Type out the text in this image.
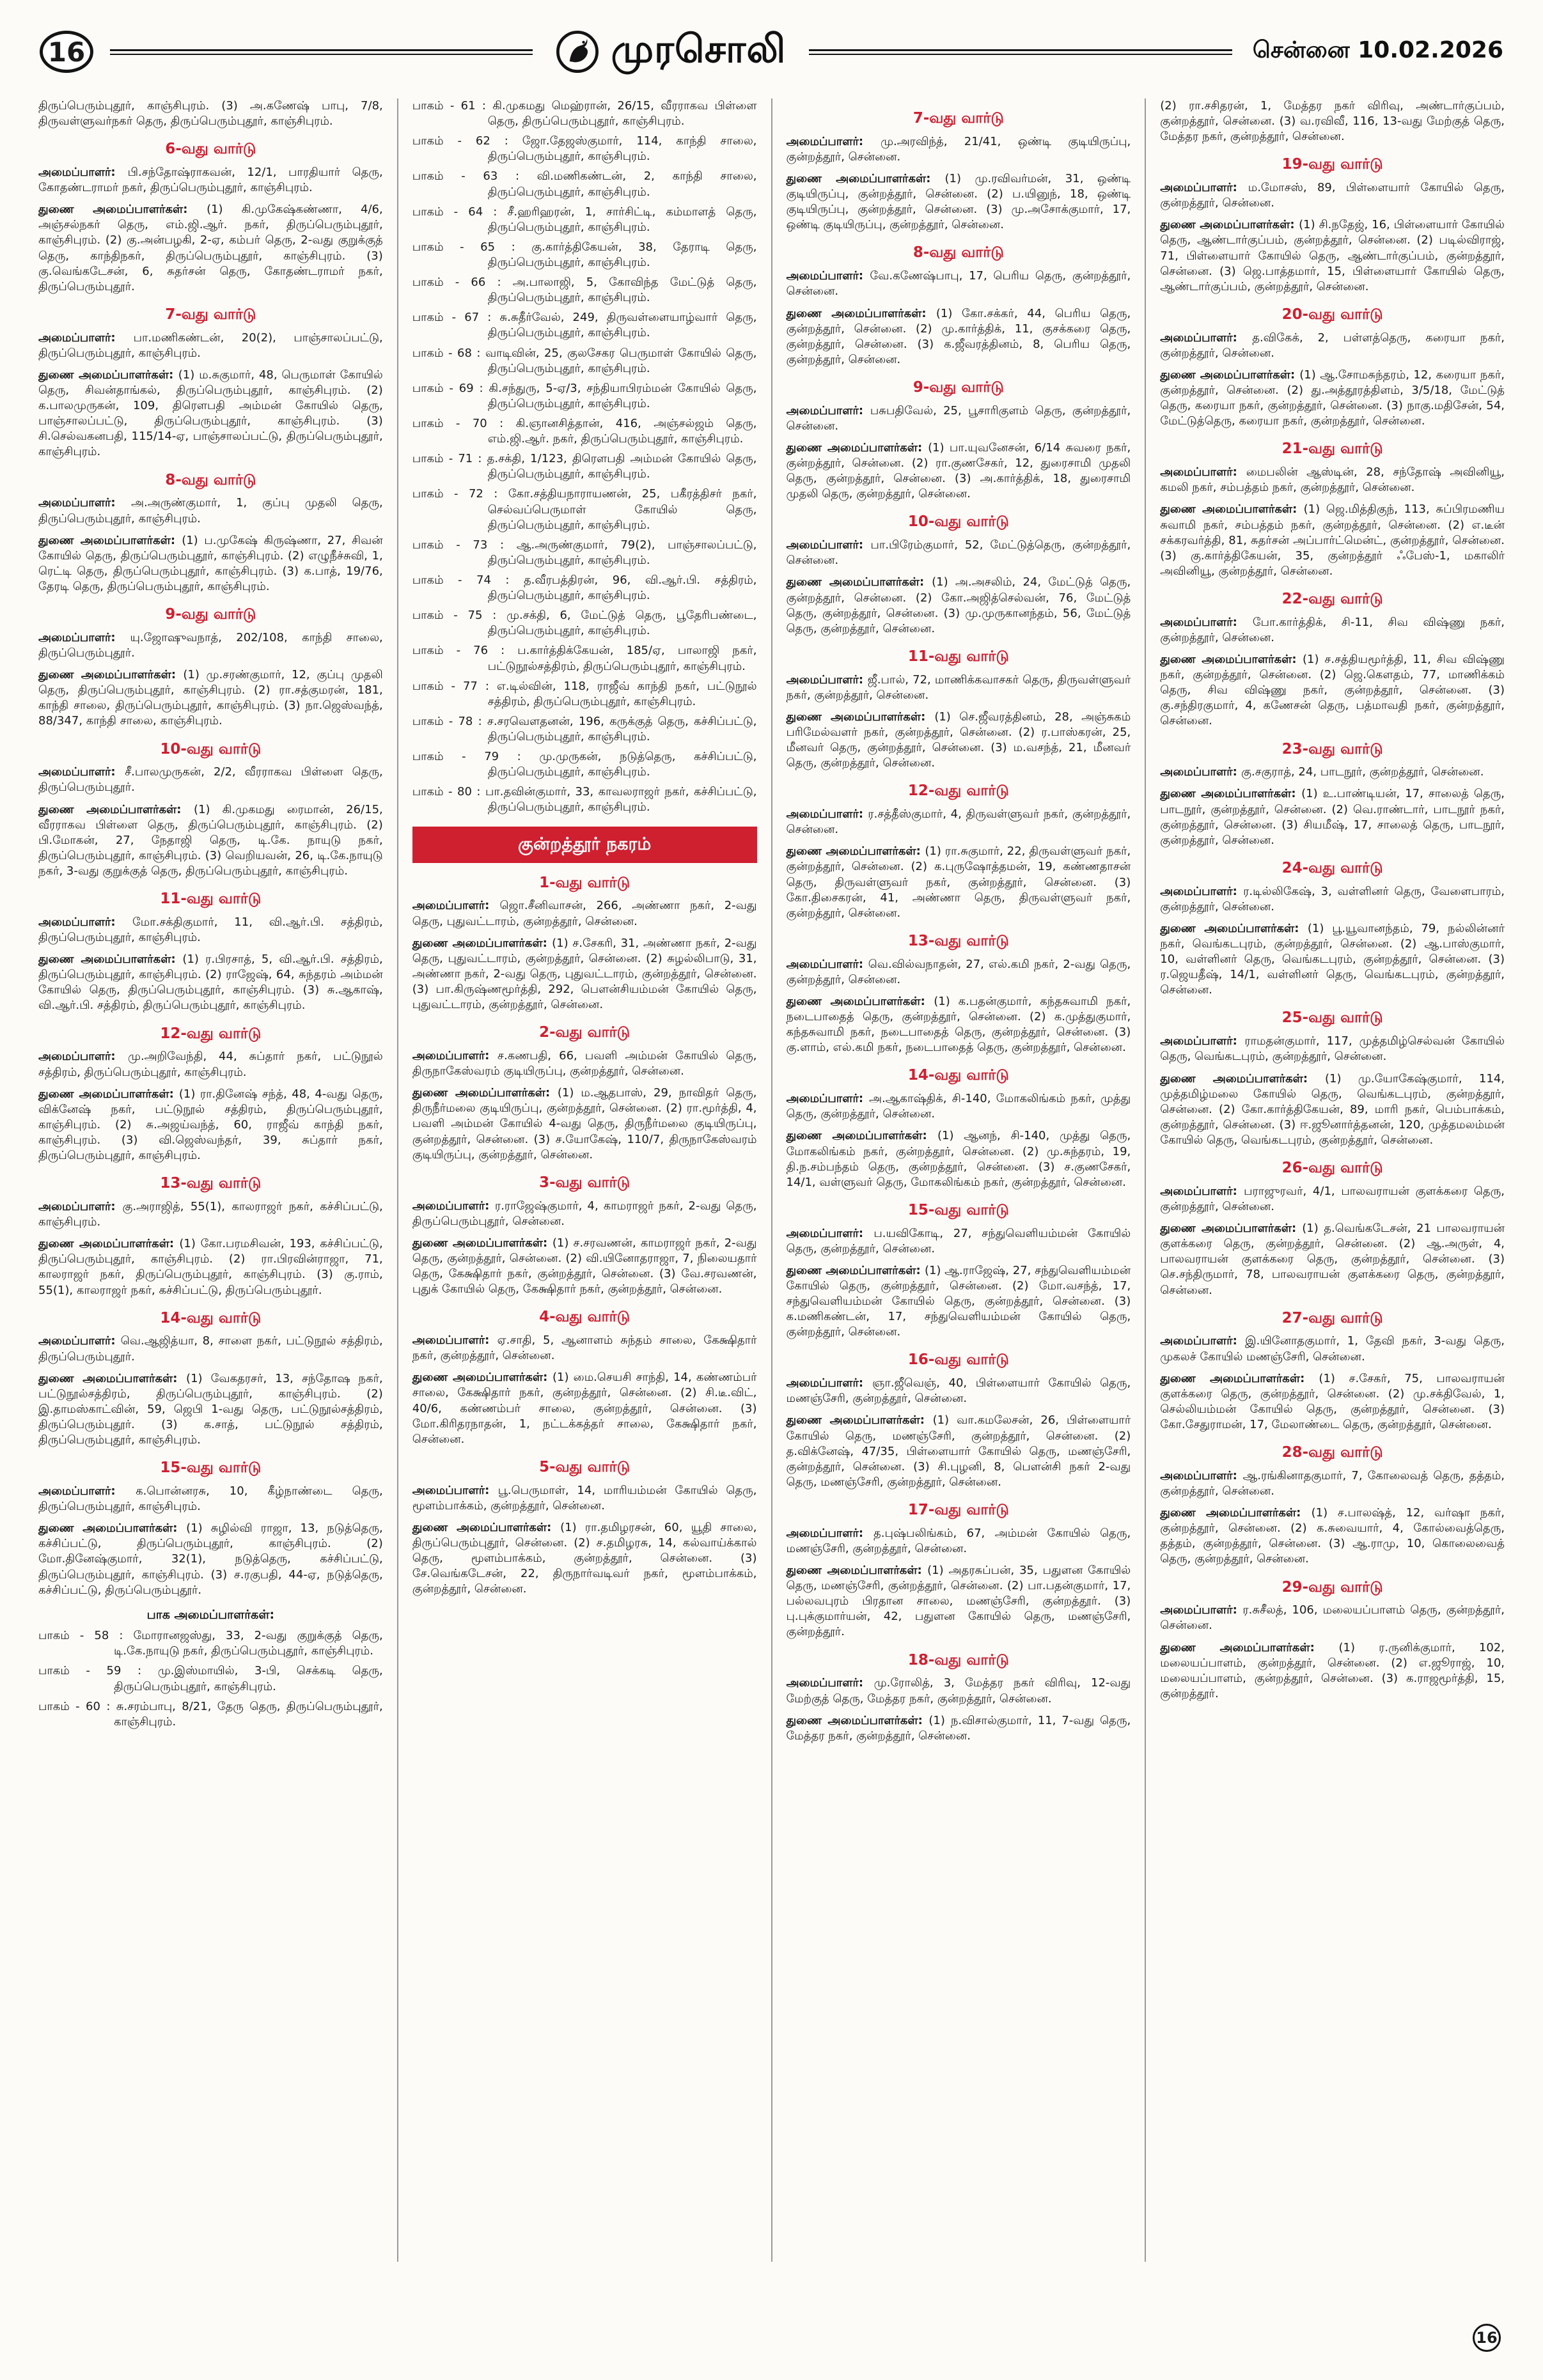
16	முரசொலி	சென்னை 10.02.2026

திருப்பெரும்புதூர், காஞ்சிபுரம். (3) அ.கணேஷ் பாபு, 7/8, திருவள்ளுவர்நகர் தெரு, திருப்பெரும்புதூர், காஞ்சிபுரம்.

6-வது வார்டு

அமைப்பாளர்: பி.சந்தோஷ்ராகவன், 12/1, பாரதியார் தெரு, கோதண்டராமர் நகர், திருப்பெரும்புதூர், காஞ்சிபுரம்.

துணை அமைப்பாளர்கள்: (1) கி.முகேஷ்கண்ணா, 4/6, அஞ்சல்நகர் தெரு, எம்.ஜி.ஆர். நகர், திருப்பெரும்புதூர், காஞ்சிபுரம். (2) கு.அன்பழகி, 2-ஏ, கம்பர் தெரு, 2-வது குறுக்குத் தெரு, காந்திநகர், திருப்பெரும்புதூர், காஞ்சிபுரம். (3) கு.வெங்கடேசன், 6, சுதர்சன் தெரு, கோதண்டராமர் நகர், திருப்பெரும்புதூர்.

7-வது வார்டு

அமைப்பாளர்: பா.மணிகண்டன், 20(2), பாஞ்சாலப்பட்டு, திருப்பெரும்புதூர், காஞ்சிபுரம்.

துணை அமைப்பாளர்கள்: (1) ம.சுகுமார், 48, பெருமாள் கோயில் தெரு, சிவன்தாங்கல், திருப்பெரும்புதூர், காஞ்சிபுரம். (2) க.பாலமுருகன், 109, திரௌபதி அம்மன் கோயில் தெரு, பாஞ்சாலப்பட்டு, திருப்பெரும்புதூர், காஞ்சிபுரம். (3) சி.செல்வகனபதி, 115/14-ஏ, பாஞ்சாலப்பட்டு, திருப்பெரும்புதூர், காஞ்சிபுரம்.

8-வது வார்டு

அமைப்பாளர்: அ.அருண்குமார், 1, குப்பு முதலி தெரு, திருப்பெரும்புதூர், காஞ்சிபுரம்.

துணை அமைப்பாளர்கள்: (1) ப.முகேஷ் கிருஷ்ணா, 27, சிவன் கோயில் தெரு, திருப்பெரும்புதூர், காஞ்சிபுரம். (2) எழுநீச்சுவி, 1, ரெட்டி தெரு, திருப்பெரும்புதூர், காஞ்சிபுரம். (3) க.பாத், 19/76, தேரடி தெரு, திருப்பெரும்புதூர், காஞ்சிபுரம்.

9-வது வார்டு

அமைப்பாளர்: யு.ஜோஷுவநாத், 202/108, காந்தி சாலை, திருப்பெரும்புதூர்.

துணை அமைப்பாளர்கள்: (1) மு.சரண்குமார், 12, குப்பு முதலி தெரு, திருப்பெரும்புதூர், காஞ்சிபுரம். (2) ரா.சத்குமரன், 181, காந்தி சாலை, திருப்பெரும்புதூர், காஞ்சிபுரம். (3) நா.ஜெஸ்வந்த், 88/347, காந்தி சாலை, காஞ்சிபுரம்.

10-வது வார்டு

அமைப்பாளர்: சீ.பாலமுருகன், 2/2, வீரராகவ பிள்ளை தெரு, திருப்பெரும்புதூர்.

துணை அமைப்பாளர்கள்: (1) கி.முகமது ரைமான், 26/15, வீரராகவ பிள்ளை தெரு, திருப்பெரும்புதூர், காஞ்சிபுரம். (2) பி.மோகன், 27, நேதாஜி தெரு, டி.கே. நாயுடு நகர், திருப்பெரும்புதூர், காஞ்சிபுரம். (3) வெறியவன், 26, டி.கே.நாயுடு நகர், 3-வது குறுக்குத் தெரு, திருப்பெரும்புதூர், காஞ்சிபுரம்.

11-வது வார்டு

அமைப்பாளர்: மோ.சக்திகுமார், 11, வி.ஆர்.பி. சத்திரம், திருப்பெரும்புதூர், காஞ்சிபுரம்.

துணை அமைப்பாளர்கள்: (1) ர.பிரசாத், 5, வி.ஆர்.பி. சத்திரம், திருப்பெரும்புதூர், காஞ்சிபுரம். (2) ராஜேஷ், 64, சுந்தரம் அம்மன் கோயில் தெரு, திருப்பெரும்புதூர், காஞ்சிபுரம். (3) சு.ஆகாஷ், வி.ஆர்.பி. சத்திரம், திருப்பெரும்புதூர், காஞ்சிபுரம்.

12-வது வார்டு

அமைப்பாளர்: மு.அறிவேந்தி, 44, சுப்தார் நகர், பட்டுநூல் சத்திரம், திருப்பெரும்புதூர், காஞ்சிபுரம்.

துணை அமைப்பாளர்கள்: (1) ரா.தினேஷ் சந்த், 48, 4-வது தெரு, விக்னேஷ் நகர், பட்டுநூல் சத்திரம், திருப்பெரும்புதூர், காஞ்சிபுரம். (2) சு.அஜய்வந்த், 60, ராஜீவ் காந்தி நகர், காஞ்சிபுரம். (3) வி.ஜெஸ்வந்தர், 39, சுப்தார் நகர், திருப்பெரும்புதூர், காஞ்சிபுரம்.

13-வது வார்டு

அமைப்பாளர்: கு.அராஜித், 55(1), காலராஜர் நகர், கச்சிப்பட்டு, காஞ்சிபுரம்.

துணை அமைப்பாளர்கள்: (1) கோ.பரமசிவன், 193, கச்சிப்பட்டு, திருப்பெரும்புதூர், காஞ்சிபுரம். (2) ரா.பிரவின்ராஜா, 71, காலராஜர் நகர், திருப்பெரும்புதூர், காஞ்சிபுரம். (3) கு.ராம், 55(1), காலராஜர் நகர், கச்சிப்பட்டு, திருப்பெரும்புதூர்.

14-வது வார்டு

அமைப்பாளர்: வெ.ஆஜித்யா, 8, சாளை நகர், பட்டுநூல் சத்திரம், திருப்பெரும்புதூர்.

துணை அமைப்பாளர்கள்: (1) வேகதரசர், 13, சந்தோஷ நகர், பட்டுநூல்சத்திரம், திருப்பெரும்புதூர், காஞ்சிபுரம். (2) இ.தாமஸ்காட்வின், 59, ஜெபி 1-வது தெரு, பட்டுநூல்சத்திரம், திருப்பெரும்புதூர். (3) க.சாத், பட்டுநூல் சத்திரம், திருப்பெரும்புதூர், காஞ்சிபுரம்.

15-வது வார்டு

அமைப்பாளர்: க.பொன்னரசு, 10, கீழ்நாண்டை தெரு, திருப்பெரும்புதூர், காஞ்சிபுரம்.

துணை அமைப்பாளர்கள்: (1) சுழில்வி ராஜா, 13, நடுத்தெரு, கச்சிப்பட்டு, திருப்பெரும்புதூர், காஞ்சிபுரம். (2) மோ.தினேஷ்குமார், 32(1), நடுத்தெரு, கச்சிப்பட்டு, திருப்பெரும்புதூர், காஞ்சிபுரம். (3) ச.ரகுபதி, 44-ஏ, நடுத்தெரு, கச்சிப்பட்டு, திருப்பெரும்புதூர்.

பாக அமைப்பாளர்கள்:

பாகம் - 58 : மோரானஜஸ்து, 33, 2-வது குறுக்குத் தெரு, டி.கே.நாயுடு நகர், திருப்பெரும்புதூர், காஞ்சிபுரம்.

பாகம் - 59 : மு.இஸ்மாயில், 3-பி, செக்கடி தெரு, திருப்பெரும்புதூர், காஞ்சிபுரம்.

பாகம் - 60 : சு.சரம்பாபு, 8/21, தேரு தெரு, திருப்பெரும்புதூர், காஞ்சிபுரம்.

பாகம் - 61 : கி.முகமது மெஹ்ரான், 26/15, வீரராகவ பிள்ளை தெரு, திருப்பெரும்புதூர், காஞ்சிபுரம்.

பாகம் - 62 : ஜோ.தேஜஸ்குமார், 114, காந்தி சாலை, திருப்பெரும்புதூர், காஞ்சிபுரம்.

பாகம் - 63 : வி.மணிகண்டன், 2, காந்தி சாலை, திருப்பெரும்புதூர், காஞ்சிபுரம்.

பாகம் - 64 : சீ.ஹரிஹரன், 1, சார்சிட்டி, கம்மாளத் தெரு, திருப்பெரும்புதூர், காஞ்சிபுரம்.

பாகம் - 65 : கு.கார்த்திகேயன், 38, தேராடி தெரு, திருப்பெரும்புதூர், காஞ்சிபுரம்.

பாகம் - 66 : அ.பாலாஜி, 5, கோவிந்த மேட்டுத் தெரு, திருப்பெரும்புதூர், காஞ்சிபுரம்.

பாகம் - 67 : சு.சுதீர்வேல், 249, திருவள்ளையாழ்வார் தெரு, திருப்பெரும்புதூர், காஞ்சிபுரம்.

பாகம் - 68 : வாடிவின், 25, குலசேகர பெருமாள் கோயில் தெரு, திருப்பெரும்புதூர், காஞ்சிபுரம்.

பாகம் - 69 : கி.சந்துரு, 5-ஏ/3, சந்தியாபிரம்மன் கோயில் தெரு, திருப்பெரும்புதூர், காஞ்சிபுரம்.

பாகம் - 70 : கி.ஞானசித்தான், 416, அஞ்சல்ஜம் தெரு, எம்.ஜி.ஆர். நகர், திருப்பெரும்புதூர், காஞ்சிபுரம்.

பாகம் - 71 : த.சக்தி, 1/123, திரௌபதி அம்மன் கோயில் தெரு, திருப்பெரும்புதூர், காஞ்சிபுரம்.

பாகம் - 72 : கோ.சத்தியநாராயணன், 25, பகீரத்திசர் நகர், செல்வப்பெருமாள் கோயில் தெரு, திருப்பெரும்புதூர், காஞ்சிபுரம்.

பாகம் - 73 : ஆ.அருண்குமார், 79(2), பாஞ்சாலப்பட்டு, திருப்பெரும்புதூர், காஞ்சிபுரம்.

பாகம் - 74 : த.வீரபத்திரன், 96, வி.ஆர்.பி. சத்திரம், திருப்பெரும்புதூர், காஞ்சிபுரம்.

பாகம் - 75 : மு.சக்தி, 6, மேட்டுத் தெரு, பூதேரிபண்டை, திருப்பெரும்புதூர், காஞ்சிபுரம்.

பாகம் - 76 : ப.கார்த்திக்கேயன், 185/ஏ, பாலாஜி நகர், பட்டுநூல்சத்திரம், திருப்பெரும்புதூர், காஞ்சிபுரம்.

பாகம் - 77 : எ.டில்வின், 118, ராஜீவ் காந்தி நகர், பட்டுநூல் சத்திரம், திருப்பெரும்புதூர், காஞ்சிபுரம்.

பாகம் - 78 : ச.சரவெளதனன், 196, கருக்குத் தெரு, கச்சிப்பட்டு, திருப்பெரும்புதூர், காஞ்சிபுரம்.

பாகம் - 79 : மு.முருகன், நடுத்தெரு, கச்சிப்பட்டு, திருப்பெரும்புதூர், காஞ்சிபுரம்.

பாகம் - 80 : பா.தவின்குமார், 33, காவலராஜர் நகர், கச்சிப்பட்டு, திருப்பெரும்புதூர், காஞ்சிபுரம்.

குன்றத்தூர் நகரம்
1-வது வார்டு

அமைப்பாளர்: ஜொ.சீனிவாசன், 266, அண்ணா நகர், 2-வது தெரு, புதுவட்டாரம், குன்றத்தூர், சென்னை.

துணை அமைப்பாளர்கள்: (1) ச.சேகரி, 31, அண்ணா நகர், 2-வது தெரு, புதுவட்டாரம், குன்றத்தூர், சென்னை. (2) சுழல்லிபாடு, 31, அண்ணா நகர், 2-வது தெரு, புதுவட்டாரம், குன்றத்தூர், சென்னை. (3) பா.கிருஷ்ணமூர்த்தி, 292, பௌன்சியம்மன் கோயில் தெரு, புதுவட்டாரம், குன்றத்தூர், சென்னை.

2-வது வார்டு

அமைப்பாளர்: ச.கணபதி, 66, பவளி அம்மன் கோயில் தெரு, திருநாகேஸ்வரம் குடியிருப்பு, குன்றத்தூர், சென்னை.

துணை அமைப்பாளர்கள்: (1) ம.ஆதபாஸ், 29, நாவிதர் தெரு, திருநீர்மலை குடியிருப்பு, குன்றத்தூர், சென்னை. (2) ரா.மூர்த்தி, 4, பவளி அம்மன் கோயில் 4-வது தெரு, திருநீர்மலை குடியிருப்பு, குன்றத்தூர், சென்னை. (3) ச.யோகேஷ், 110/7, திருநாகேஸ்வரம் குடியிருப்பு, குன்றத்தூர், சென்னை.

3-வது வார்டு

அமைப்பாளர்: ர.ராஜேஷ்குமார், 4, காமராஜர் நகர், 2-வது தெரு, திருப்பெரும்புதூர், சென்னை.

துணை அமைப்பாளர்கள்: (1) ச.சரவணன், காமராஜர் நகர், 2-வது தெரு, குன்றத்தூர், சென்னை. (2) வி.யினோதராஜா, 7, நிலையதார் தெரு, கேக்ஷிதார் நகர், குன்றத்தூர், சென்னை. (3) வே.சரவணன், புதுக் கோயில் தெரு, கேக்ஷிதார் நகர், குன்றத்தூர், சென்னை.

4-வது வார்டு

அமைப்பாளர்: ஏ.சாதி, 5, ஆனாளம் சுந்தம் சாலை, கேக்ஷிதார் நகர், குன்றத்தூர், சென்னை.

துணை அமைப்பாளர்கள்: (1) மை.செயசி சாந்தி, 14, கண்ணம்பர் சாலை, கேக்ஷிதார் நகர், குன்றத்தூர், சென்னை. (2) சி.டீ.விட், 40/6, கண்ணம்பர் சாலை, குன்றத்தூர், சென்னை. (3) மோ.கிரிதரநாதன், 1, நட்டக்கத்தர் சாலை, கேக்ஷிதார் நகர், சென்னை.

5-வது வார்டு

அமைப்பாளர்: பூ.பெருமாள், 14, மாரியம்மன் கோயில் தெரு, மூளம்பாக்கம், குன்றத்தூர், சென்னை.

துணை அமைப்பாளர்கள்: (1) ரா.தமிழரசன், 60, யூதி சாலை, திருப்பெரும்புதூர், சென்னை. (2) ச.தமிழரசு, 14, கல்வாய்க்கால் தெரு, மூளம்பாக்கம், குன்றத்தூர், சென்னை. (3) சே.வெங்கடேசன், 22, திருநார்வடிவர் நகர், மூளம்பாக்கம், குன்றத்தூர், சென்னை.

7-வது வார்டு

அமைப்பாளர்: மு.அரவிந்த், 21/41, ஒண்டி குடியிருப்பு, குன்றத்தூர், சென்னை.

துணை அமைப்பாளர்கள்: (1) மு.ரவிவர்மன், 31, ஒண்டி குடியிருப்பு, குன்றத்தூர், சென்னை. (2) ப.யினுந், 18, ஒண்டி குடியிருப்பு, குன்றத்தூர், சென்னை. (3) மு.அசோக்குமார், 17, ஒண்டி குடியிருப்பு, குன்றத்தூர், சென்னை.

8-வது வார்டு

அமைப்பாளர்: வே.கணேஷ்பாபு, 17, பெரிய தெரு, குன்றத்தூர், சென்னை.

துணை அமைப்பாளர்கள்: (1) கோ.சக்கர், 44, பெரிய தெரு, குன்றத்தூர், சென்னை. (2) மு.கார்த்திக், 11, குசக்கரை தெரு, குன்றத்தூர், சென்னை. (3) க.ஜீவரத்தினம், 8, பெரிய தெரு, குன்றத்தூர், சென்னை.

9-வது வார்டு

அமைப்பாளர்: பசுபதிவேல், 25, பூசாரிகுளம் தெரு, குன்றத்தூர், சென்னை.

துணை அமைப்பாளர்கள்: (1) பா.யுவனேசன், 6/14 சுவரை நகர், குன்றத்தூர், சென்னை. (2) ரா.குணசேகர், 12, துரைசாமி முதலி தெரு, குன்றத்தூர், சென்னை. (3) அ.கார்த்திக், 18, துரைசாமி முதலி தெரு, குன்றத்தூர், சென்னை.

10-வது வார்டு

அமைப்பாளர்: பா.பிரேம்குமார், 52, மேட்டுத்தெரு, குன்றத்தூர், சென்னை.

துணை அமைப்பாளர்கள்: (1) அ.அசலிம், 24, மேட்டுத் தெரு, குன்றத்தூர், சென்னை. (2) கோ.அஜித்செல்வன், 76, மேட்டுத் தெரு, குன்றத்தூர், சென்னை. (3) மு.முருகானந்தம், 56, மேட்டுத் தெரு, குன்றத்தூர், சென்னை.

11-வது வார்டு

அமைப்பாளர்: ஜீ.பால், 72, மாணிக்கவாசகர் தெரு, திருவள்ளுவர் நகர், குன்றத்தூர், சென்னை.

துணை அமைப்பாளர்கள்: (1) செ.ஜீவரத்தினம், 28, அஞ்சுகம் பரிமேல்வளர் நகர், குன்றத்தூர், சென்னை. (2) ர.பாஸ்கரன், 25, மீனவர் தெரு, குன்றத்தூர், சென்னை. (3) ம.வசந்த், 21, மீனவர் தெரு, குன்றத்தூர், சென்னை.

12-வது வார்டு

அமைப்பாளர்: ர.சத்தீஸ்குமார், 4, திருவள்ளுவர் நகர், குன்றத்தூர், சென்னை.

துணை அமைப்பாளர்கள்: (1) ரா.சுகுமார், 22, திருவள்ளுவர் நகர், குன்றத்தூர், சென்னை. (2) க.புருஷோத்தமன், 19, கண்ணதாசன் தெரு, திருவள்ளுவர் நகர், குன்றத்தூர், சென்னை. (3) கோ.திசைகரன், 41, அண்ணா தெரு, திருவள்ளுவர் நகர், குன்றத்தூர், சென்னை.

13-வது வார்டு

அமைப்பாளர்: வெ.வில்வநாதன், 27, எல்.கமி நகர், 2-வது தெரு, குன்றத்தூர், சென்னை.

துணை அமைப்பாளர்கள்: (1) க.பதன்குமார், கந்தசுவாமி நகர், நடைபாதைத் தெரு, குன்றத்தூர், சென்னை. (2) க.முத்துகுமார், கந்தசுவாமி நகர், நடைபாதைத் தெரு, குன்றத்தூர், சென்னை. (3) கு.ளாம், எல்.கமி நகர், நடைபாதைத் தெரு, குன்றத்தூர், சென்னை.

14-வது வார்டு

அமைப்பாளர்: அ.ஆகாஷ்திக், சி-140, மோகலிங்கம் நகர், முத்து தெரு, குன்றத்தூர், சென்னை.

துணை அமைப்பாளர்கள்: (1) ஆனந், சி-140, முத்து தெரு, மோகலிங்கம் நகர், குன்றத்தூர், சென்னை. (2) மு.சுந்தரம், 19, தி.ந.சம்பந்தம் தெரு, குன்றத்தூர், சென்னை. (3) ச.குணசேகர், 14/1, வள்ளுவர் தெரு, மோகலிங்கம் நகர், குன்றத்தூர், சென்னை.

15-வது வார்டு

அமைப்பாளர்: ப.யவிகோடி, 27, சந்துவெளியம்மன் கோயில் தெரு, குன்றத்தூர், சென்னை.

துணை அமைப்பாளர்கள்: (1) ஆ.ராஜேஷ், 27, சந்துவெளியம்மன் கோயில் தெரு, குன்றத்தூர், சென்னை. (2) மோ.வசந்த், 17, சந்துவெளியம்மன் கோயில் தெரு, குன்றத்தூர், சென்னை. (3) க.மணிகண்டன், 17, சந்துவெளியம்மன் கோயில் தெரு, குன்றத்தூர், சென்னை.

16-வது வார்டு

அமைப்பாளர்: ஞா.ஜீவெஞ், 40, பிள்ளையார் கோயில் தெரு, மணஞ்சேரி, குன்றத்தூர், சென்னை.

துணை அமைப்பாளர்கள்: (1) வா.கமலேசன், 26, பிள்ளையார் கோயில் தெரு, மணஞ்சேரி, குன்றத்தூர், சென்னை. (2) த.விக்னேஷ், 47/35, பிள்ளையார் கோயில் தெரு, மணஞ்சேரி, குன்றத்தூர், சென்னை. (3) சி.புழனி, 8, பௌன்சி நகர் 2-வது தெரு, மணஞ்சேரி, குன்றத்தூர், சென்னை.

17-வது வார்டு

அமைப்பாளர்: த.புஷ்பலிங்கம், 67, அம்மன் கோயில் தெரு, மணஞ்சேரி, குன்றத்தூர், சென்னை.

துணை அமைப்பாளர்கள்: (1) அதரசுப்பன், 35, பதுளன கோயில் தெரு, மணஞ்சேரி, குன்றத்தூர், சென்னை. (2) பா.பதன்குமார், 17, பல்லவபுரம் பிரதான சாலை, மணஞ்சேரி, குன்றத்தூர். (3) பு.புக்குமார்யன், 42, பதுளன கோயில் தெரு, மணஞ்சேரி, குன்றத்தூர்.

18-வது வார்டு

அமைப்பாளர்: மு.ரோலித், 3, மேத்தர நகர் விரிவு, 12-வது மேற்குத் தெரு, மேத்தர நகர், குன்றத்தூர், சென்னை.

துணை அமைப்பாளர்கள்: (1) ந.விசால்குமார், 11, 7-வது தெரு, மேத்தர நகர், குன்றத்தூர், சென்னை.

(2) ரா.சசிதரன், 1, மேத்தர நகர் விரிவு, அண்டார்குப்பம், குன்றத்தூர், சென்னை. (3) வ.ரவிவீ, 116, 13-வது மேற்குத் தெரு, மேத்தர நகர், குன்றத்தூர், சென்னை.

19-வது வார்டு

அமைப்பாளர்: ம.மோசஸ், 89, பிள்ளையார் கோயில் தெரு, குன்றத்தூர், சென்னை.

துணை அமைப்பாளர்கள்: (1) சி.நதேஜ், 16, பிள்ளையார் கோயில் தெரு, ஆண்டார்குப்பம், குன்றத்தூர், சென்னை. (2) படில்விராஜ், 71, பிள்ளையார் கோயில் தெரு, ஆண்டார்குப்பம், குன்றத்தூர், சென்னை. (3) ஜெ.பாத்தமார், 15, பிள்ளையார் கோயில் தெரு, ஆண்டார்குப்பம், குன்றத்தூர், சென்னை.

20-வது வார்டு

அமைப்பாளர்: த.விகேக், 2, பள்ளத்தெரு, கரையா நகர், குன்றத்தூர், சென்னை.

துணை அமைப்பாளர்கள்: (1) ஆ.சோமசுந்தரம், 12, கரையா நகர், குன்றத்தூர், சென்னை. (2) து.அத்தூரத்திளம், 3/5/18, மேட்டுத் தெரு, கரையா நகர், குன்றத்தூர், சென்னை. (3) நாகு.மதிசேன், 54, மேட்டுத்தெரு, கரையா நகர், குன்றத்தூர், சென்னை.

21-வது வார்டு

அமைப்பாளர்: மைபலின் ஆஸ்டின், 28, சந்தோஷ் அவினியூ, கமலி நகர், சம்பத்தம் நகர், குன்றத்தூர், சென்னை.

துணை அமைப்பாளர்கள்: (1) ஜெ.மித்திகுந், 113, சுப்பிரமணிய சுவாமி நகர், சம்பத்தம் நகர், குன்றத்தூர், சென்னை. (2) எ.டீன் சக்கரவர்த்தி, 81, சுதர்சன் அப்பார்ட்மென்ட், குன்றத்தூர், சென்னை. (3) கு.கார்த்திகேயன், 35, குன்றத்தூர் ஃபேஸ்-1, மகாலிர் அவினியூ, குன்றத்தூர், சென்னை.

22-வது வார்டு

அமைப்பாளர்: போ.கார்த்திக், சி-11, சிவ விஷ்ணு நகர், குன்றத்தூர், சென்னை.

துணை அமைப்பாளர்கள்: (1) ச.சத்தியமூர்த்தி, 11, சிவ விஷ்ணு நகர், குன்றத்தூர், சென்னை. (2) ஜெ.கௌதம், 77, மாணிக்கம் தெரு, சிவ விஷ்ணு நகர், குன்றத்தூர், சென்னை. (3) கு.சந்திரகுமார், 4, கணேசன் தெரு, பத்மாவதி நகர், குன்றத்தூர், சென்னை.

23-வது வார்டு

அமைப்பாளர்: கு.சகுராத், 24, பாடநூர், குன்றத்தூர், சென்னை.

துணை அமைப்பாளர்கள்: (1) உ.பாண்டியன், 17, சாலைத் தெரு, பாடநூர், குன்றத்தூர், சென்னை. (2) வெ.ராண்டார், பாடநூர் நகர், குன்றத்தூர், சென்னை. (3) சியமீஷ், 17, சாலைத் தெரு, பாடநூர், குன்றத்தூர், சென்னை.

24-வது வார்டு

அமைப்பாளர்: ர.டில்லிகேஷ், 3, வள்ளினர் தெரு, வேளைபாரம், குன்றத்தூர், சென்னை.

துணை அமைப்பாளர்கள்: (1) பூ.யூவானந்தம், 79, நல்லின்னர் நகர், வெங்கடபுரம், குன்றத்தூர், சென்னை. (2) ஆ.பாஸ்குமார், 10, வள்ளினர் தெரு, வெங்கடபுரம், குன்றத்தூர், சென்னை. (3) ர.ஜெயதீஷ், 14/1, வள்ளினர் தெரு, வெங்கடபுரம், குன்றத்தூர், சென்னை.

25-வது வார்டு

அமைப்பாளர்: ராமதன்குமார், 117, முத்தமிழ்செல்வன் கோயில் தெரு, வெங்கடபுரம், குன்றத்தூர், சென்னை.

துணை அமைப்பாளர்கள்: (1) மு.யோகேஷ்குமார், 114, முத்தமிழ்மலை கோயில் தெரு, வெங்கடபுரம், குன்றத்தூர், சென்னை. (2) கோ.கார்த்திகேயன், 89, மாரி நகர், பெம்பாக்கம், குன்றத்தூர், சென்னை. (3) ஈ.ஜூனார்த்தனன், 120, முத்தமலம்மன் கோயில் தெரு, வெங்கடபுரம், குன்றத்தூர், சென்னை.

26-வது வார்டு

அமைப்பாளர்: பராஜுரவர், 4/1, பாலவராயன் குளக்கரை தெரு, குன்றத்தூர், சென்னை.

துணை அமைப்பாளர்கள்: (1) த.வெங்கடேசன், 21 பாலவராயன் குளக்கரை தெரு, குன்றத்தூர், சென்னை. (2) ஆ.அருள், 4, பாலவராயன் குளக்கரை தெரு, குன்றத்தூர், சென்னை. (3) செ.சந்திருமார், 78, பாலவராயன் குளக்கரை தெரு, குன்றத்தூர், சென்னை.

27-வது வார்டு

அமைப்பாளர்: இ.யினோதகுமார், 1, தேவி நகர், 3-வது தெரு, முகலச் கோயில் மணஞ்சேரி, சென்னை.

துணை அமைப்பாளர்கள்: (1) ச.சேகர், 75, பாலவராயன் குளக்கரை தெரு, குன்றத்தூர், சென்னை. (2) மு.சக்திவேல், 1, செல்லியம்மன் கோயில் தெரு, குன்றத்தூர், சென்னை. (3) கோ.சேதுராமன், 17, மேலாண்டை தெரு, குன்றத்தூர், சென்னை.

28-வது வார்டு

அமைப்பாளர்: ஆ.ரங்கினாதகுமார், 7, கோலைவத் தெரு, தத்தம், குன்றத்தூர், சென்னை.

துணை அமைப்பாளர்கள்: (1) ச.பாலஷ்த், 12, வர்ஷா நகர், குன்றத்தூர், சென்னை. (2) க.சுவையார், 4, கோல்வைத்தெரு, தத்தம், குன்றத்தூர், சென்னை. (3) ஆ.ராமு, 10, கொலைவைத் தெரு, குன்றத்தூர், சென்னை.

29-வது வார்டு

அமைப்பாளர்: ர.சுசீலத், 106, மலையப்பாளம் தெரு, குன்றத்தூர், சென்னை.

துணை அமைப்பாளர்கள்: (1) ர.ருனிக்குமார், 102, மலையப்பாளம், குன்றத்தூர், சென்னை. (2) எ.ஜூராஜ், 10, மலையப்பாளம், குன்றத்தூர், சென்னை. (3) க.ராஜமூர்த்தி, 15, குன்றத்தூர்.

16
